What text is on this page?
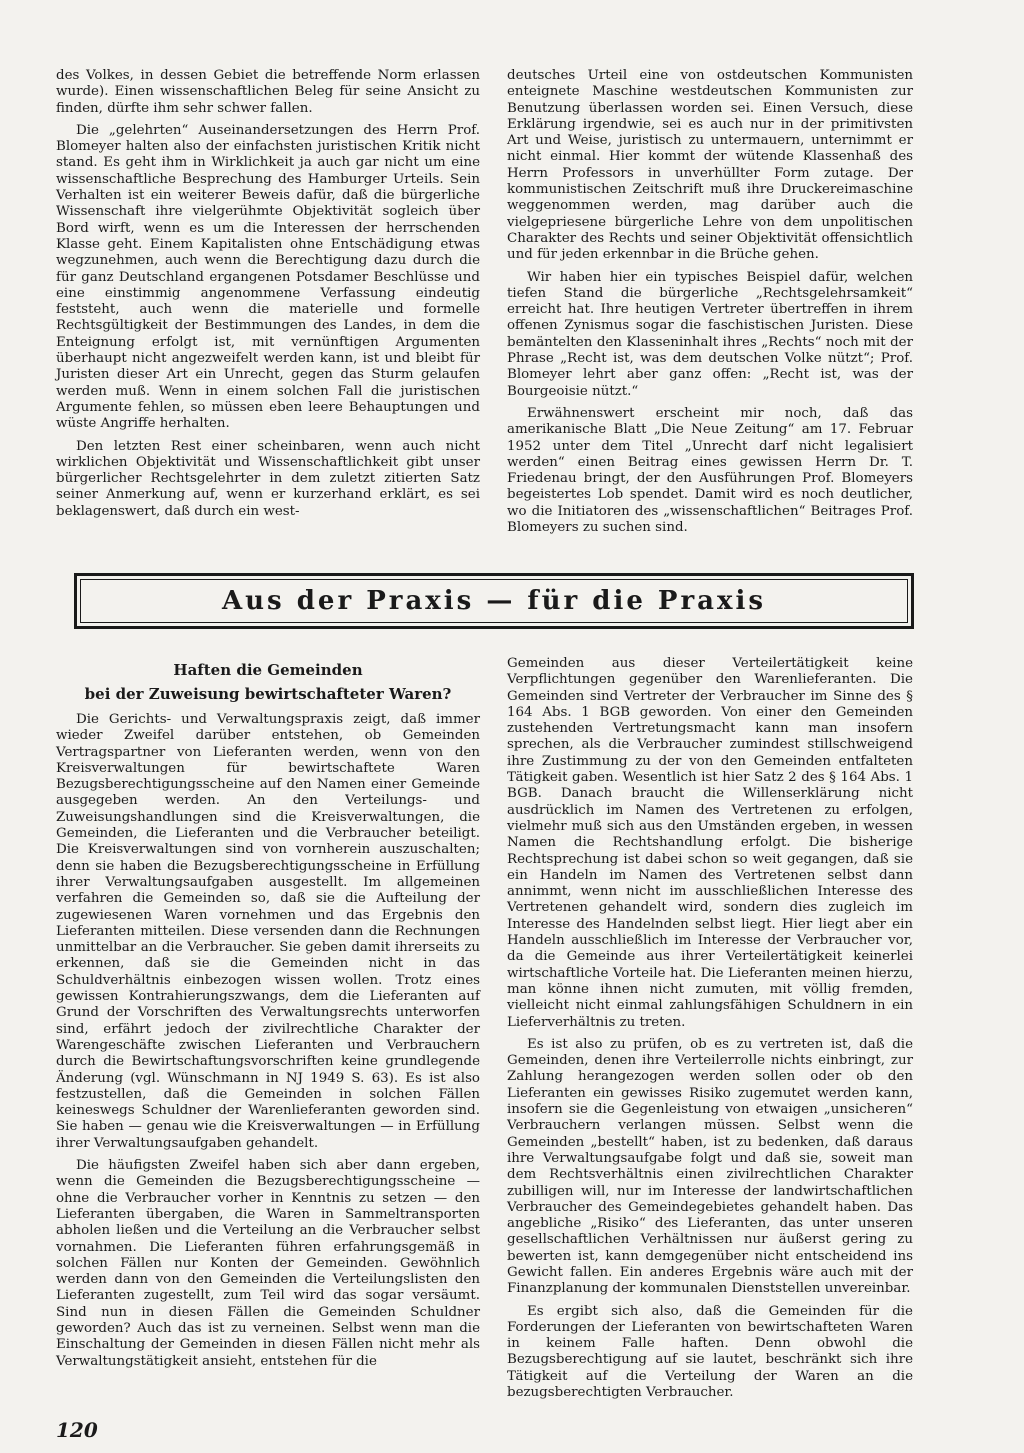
des Volkes, in dessen Gebiet die betreffende Norm erlassen wurde). Einen wissenschaftlichen Beleg für seine Ansicht zu finden, dürfte ihm sehr schwer fallen.

Die „gelehrten“ Auseinandersetzungen des Herrn Prof. Blomeyer halten also der einfachsten juristischen Kritik nicht stand. Es geht ihm in Wirklichkeit ja auch gar nicht um eine wissenschaftliche Besprechung des Hamburger Urteils. Sein Verhalten ist ein weiterer Beweis dafür, daß die bürgerliche Wissenschaft ihre vielgerühmte Objektivität sogleich über Bord wirft, wenn es um die Interessen der herrschenden Klasse geht. Einem Kapitalisten ohne Entschädigung etwas wegzunehmen, auch wenn die Berechtigung dazu durch die für ganz Deutschland ergangenen Potsdamer Beschlüsse und eine einstimmig angenommene Verfassung eindeutig feststeht, auch wenn die materielle und formelle Rechtsgültigkeit der Bestimmungen des Landes, in dem die Enteignung erfolgt ist, mit vernünftigen Argumenten überhaupt nicht angezweifelt werden kann, ist und bleibt für Juristen dieser Art ein Unrecht, gegen das Sturm gelaufen werden muß. Wenn in einem solchen Fall die juristischen Argumente fehlen, so müssen eben leere Behauptungen und wüste Angriffe herhalten.

Den letzten Rest einer scheinbaren, wenn auch nicht wirklichen Objektivität und Wissenschaftlichkeit gibt unser bürgerlicher Rechtsgelehrter in dem zuletzt zitierten Satz seiner Anmerkung auf, wenn er kurzerhand erklärt, es sei beklagenswert, daß durch ein west-

deutsches Urteil eine von ostdeutschen Kommunisten enteignete Maschine westdeutschen Kommunisten zur Benutzung überlassen worden sei. Einen Versuch, diese Erklärung irgendwie, sei es auch nur in der primitivsten Art und Weise, juristisch zu untermauern, unternimmt er nicht einmal. Hier kommt der wütende Klassenhaß des Herrn Professors in unverhüllter Form zutage. Der kommunistischen Zeitschrift muß ihre Druckereimaschine weggenommen werden, mag darüber auch die vielgepriesene bürgerliche Lehre von dem unpolitischen Charakter des Rechts und seiner Objektivität offensichtlich und für jeden erkennbar in die Brüche gehen.

Wir haben hier ein typisches Beispiel dafür, welchen tiefen Stand die bürgerliche „Rechtsgelehrsamkeit“ erreicht hat. Ihre heutigen Vertreter übertreffen in ihrem offenen Zynismus sogar die faschistischen Juristen. Diese bemäntelten den Klasseninhalt ihres „Rechts“ noch mit der Phrase „Recht ist, was dem deutschen Volke nützt“; Prof. Blomeyer lehrt aber ganz offen: „Recht ist, was der Bourgeoisie nützt.“

Erwähnenswert erscheint mir noch, daß das amerikanische Blatt „Die Neue Zeitung“ am 17. Februar 1952 unter dem Titel „Unrecht darf nicht legalisiert werden“ einen Beitrag eines gewissen Herrn Dr. T. Friedenau bringt, der den Ausführungen Prof. Blomeyers begeistertes Lob spendet. Damit wird es noch deutlicher, wo die Initiatoren des „wissenschaftlichen“ Beitrages Prof. Blomeyers zu suchen sind.

Aus der Praxis — für die Praxis
Haften die Gemeinden
bei der Zuweisung bewirtschafteter Waren?

Die Gerichts- und Verwaltungspraxis zeigt, daß immer wieder Zweifel darüber entstehen, ob Gemeinden Vertragspartner von Lieferanten werden, wenn von den Kreisverwaltungen für bewirtschaftete Waren Bezugsberechtigungsscheine auf den Namen einer Gemeinde ausgegeben werden. An den Verteilungs- und Zuweisungshandlungen sind die Kreisverwaltungen, die Gemeinden, die Lieferanten und die Verbraucher beteiligt. Die Kreisverwaltungen sind von vornherein auszuschalten; denn sie haben die Bezugsberechtigungsscheine in Erfüllung ihrer Verwaltungsaufgaben ausgestellt. Im allgemeinen verfahren die Gemeinden so, daß sie die Aufteilung der zugewiesenen Waren vornehmen und das Ergebnis den Lieferanten mitteilen. Diese versenden dann die Rechnungen unmittelbar an die Verbraucher. Sie geben damit ihrerseits zu erkennen, daß sie die Gemeinden nicht in das Schuldverhältnis einbezogen wissen wollen. Trotz eines gewissen Kontrahierungszwangs, dem die Lieferanten auf Grund der Vorschriften des Verwaltungsrechts unterworfen sind, erfährt jedoch der zivilrechtliche Charakter der Warengeschäfte zwischen Lieferanten und Verbrauchern durch die Bewirtschaftungsvorschriften keine grundlegende Änderung (vgl. Wünschmann in NJ 1949 S. 63). Es ist also festzustellen, daß die Gemeinden in solchen Fällen keineswegs Schuldner der Warenlieferanten geworden sind. Sie haben — genau wie die Kreisverwaltungen — in Erfüllung ihrer Verwaltungsaufgaben gehandelt.

Die häufigsten Zweifel haben sich aber dann ergeben, wenn die Gemeinden die Bezugsberechtigungsscheine — ohne die Verbraucher vorher in Kenntnis zu setzen — den Lieferanten übergaben, die Waren in Sammeltransporten abholen ließen und die Verteilung an die Verbraucher selbst vornahmen. Die Lieferanten führen erfahrungsgemäß in solchen Fällen nur Konten der Gemeinden. Gewöhnlich werden dann von den Gemeinden die Verteilungslisten den Lieferanten zugestellt, zum Teil wird das sogar versäumt. Sind nun in diesen Fällen die Gemeinden Schuldner geworden? Auch das ist zu verneinen. Selbst wenn man die Einschaltung der Gemeinden in diesen Fällen nicht mehr als Verwaltungstätigkeit ansieht, entstehen für die

Gemeinden aus dieser Verteilertätigkeit keine Verpflichtungen gegenüber den Warenlieferanten. Die Gemeinden sind Vertreter der Verbraucher im Sinne des § 164 Abs. 1 BGB geworden. Von einer den Gemeinden zustehenden Vertretungsmacht kann man insofern sprechen, als die Verbraucher zumindest stillschweigend ihre Zustimmung zu der von den Gemeinden entfalteten Tätigkeit gaben. Wesentlich ist hier Satz 2 des § 164 Abs. 1 BGB. Danach braucht die Willenserklärung nicht ausdrücklich im Namen des Vertretenen zu erfolgen, vielmehr muß sich aus den Umständen ergeben, in wessen Namen die Rechtshandlung erfolgt. Die bisherige Rechtsprechung ist dabei schon so weit gegangen, daß sie ein Handeln im Namen des Vertretenen selbst dann annimmt, wenn nicht im ausschließlichen Interesse des Vertretenen gehandelt wird, sondern dies zugleich im Interesse des Handelnden selbst liegt. Hier liegt aber ein Handeln ausschließlich im Interesse der Verbraucher vor, da die Gemeinde aus ihrer Verteilertätigkeit keinerlei wirtschaftliche Vorteile hat. Die Lieferanten meinen hierzu, man könne ihnen nicht zumuten, mit völlig fremden, vielleicht nicht einmal zahlungsfähigen Schuldnern in ein Lieferverhältnis zu treten.

Es ist also zu prüfen, ob es zu vertreten ist, daß die Gemeinden, denen ihre Verteilerrolle nichts einbringt, zur Zahlung herangezogen werden sollen oder ob den Lieferanten ein gewisses Risiko zugemutet werden kann, insofern sie die Gegenleistung von etwaigen „unsicheren“ Verbrauchern verlangen müssen. Selbst wenn die Gemeinden „bestellt“ haben, ist zu bedenken, daß daraus ihre Verwaltungsaufgabe folgt und daß sie, soweit man dem Rechtsverhältnis einen zivilrechtlichen Charakter zubilligen will, nur im Interesse der landwirtschaftlichen Verbraucher des Gemeindegebietes gehandelt haben. Das angebliche „Risiko“ des Lieferanten, das unter unseren gesellschaftlichen Verhältnissen nur äußerst gering zu bewerten ist, kann demgegenüber nicht entscheidend ins Gewicht fallen. Ein anderes Ergebnis wäre auch mit der Finanzplanung der kommunalen Dienststellen unvereinbar.

Es ergibt sich also, daß die Gemeinden für die Forderungen der Lieferanten von bewirtschafteten Waren in keinem Falle haften. Denn obwohl die Bezugsberechtigung auf sie lautet, beschränkt sich ihre Tätigkeit auf die Verteilung der Waren an die bezugsberechtigten Verbraucher.

120
